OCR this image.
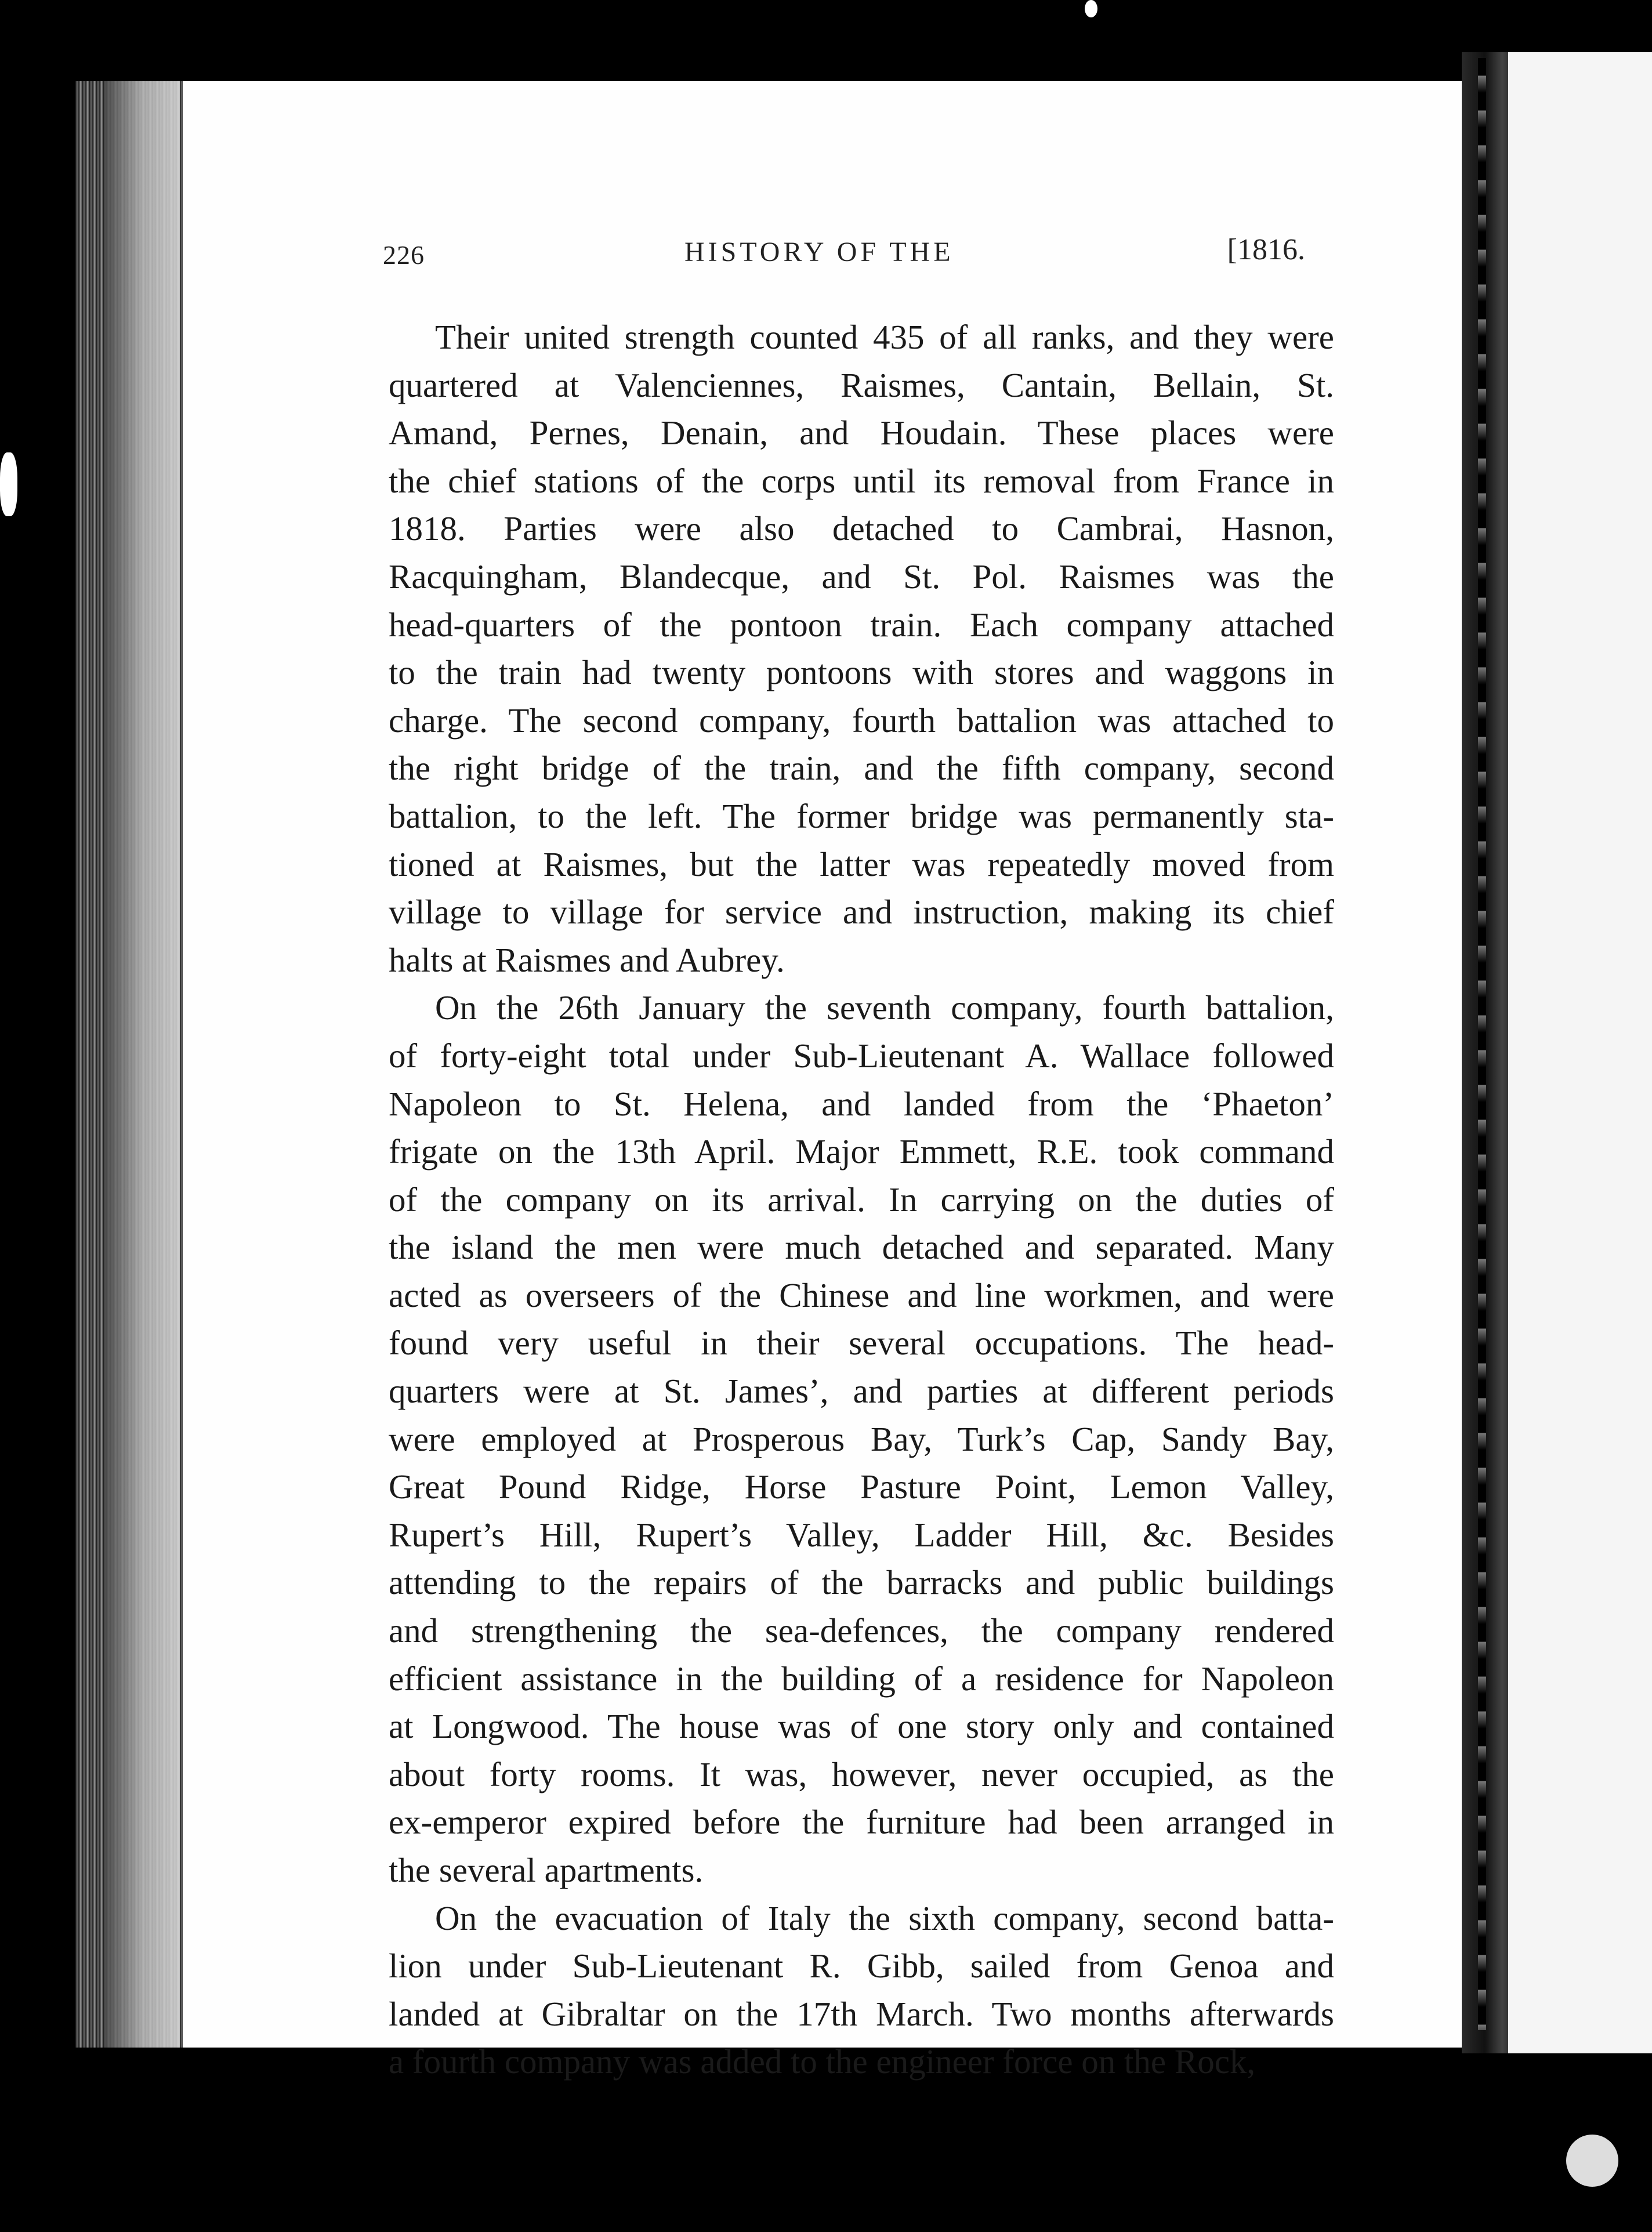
226	HISTORY OF THE	[1816.
Their united strength counted 435 of all ranks, and they were
quartered at Valenciennes, Raismes, Cantain, Bellain, St.
Amand, Pernes, Denain, and Houdain. These places were
the chief stations of the corps until its removal from France in
1818. Parties were also detached to Cambrai, Hasnon,
Racquingham, Blandecque, and St. Pol. Raismes was the
head-quarters of the pontoon train. Each company attached
to the train had twenty pontoons with stores and waggons in
charge. The second company, fourth battalion was attached to
the right bridge of the train, and the fifth company, second
battalion, to the left. The former bridge was permanently sta-
tioned at Raismes, but the latter was repeatedly moved from
village to village for service and instruction, making its chief
halts at Raismes and Aubrey.
On the 26th January the seventh company, fourth battalion,
of forty-eight total under Sub-Lieutenant A. Wallace followed
Napoleon to St. Helena, and landed from the ‘Phaeton’
frigate on the 13th April. Major Emmett, R.E. took command
of the company on its arrival. In carrying on the duties of
the island the men were much detached and separated. Many
acted as overseers of the Chinese and line workmen, and were
found very useful in their several occupations. The head-
quarters were at St. James’, and parties at different periods
were employed at Prosperous Bay, Turk’s Cap, Sandy Bay,
Great Pound Ridge, Horse Pasture Point, Lemon Valley,
Rupert’s Hill, Rupert’s Valley, Ladder Hill, &c. Besides
attending to the repairs of the barracks and public buildings
and strengthening the sea-defences, the company rendered
efficient assistance in the building of a residence for Napoleon
at Longwood. The house was of one story only and contained
about forty rooms. It was, however, never occupied, as the
ex-emperor expired before the furniture had been arranged in
the several apartments.
On the evacuation of Italy the sixth company, second batta-
lion under Sub-Lieutenant R. Gibb, sailed from Genoa and
landed at Gibraltar on the 17th March. Two months afterwards
a fourth company was added to the engineer force on the Rock,
